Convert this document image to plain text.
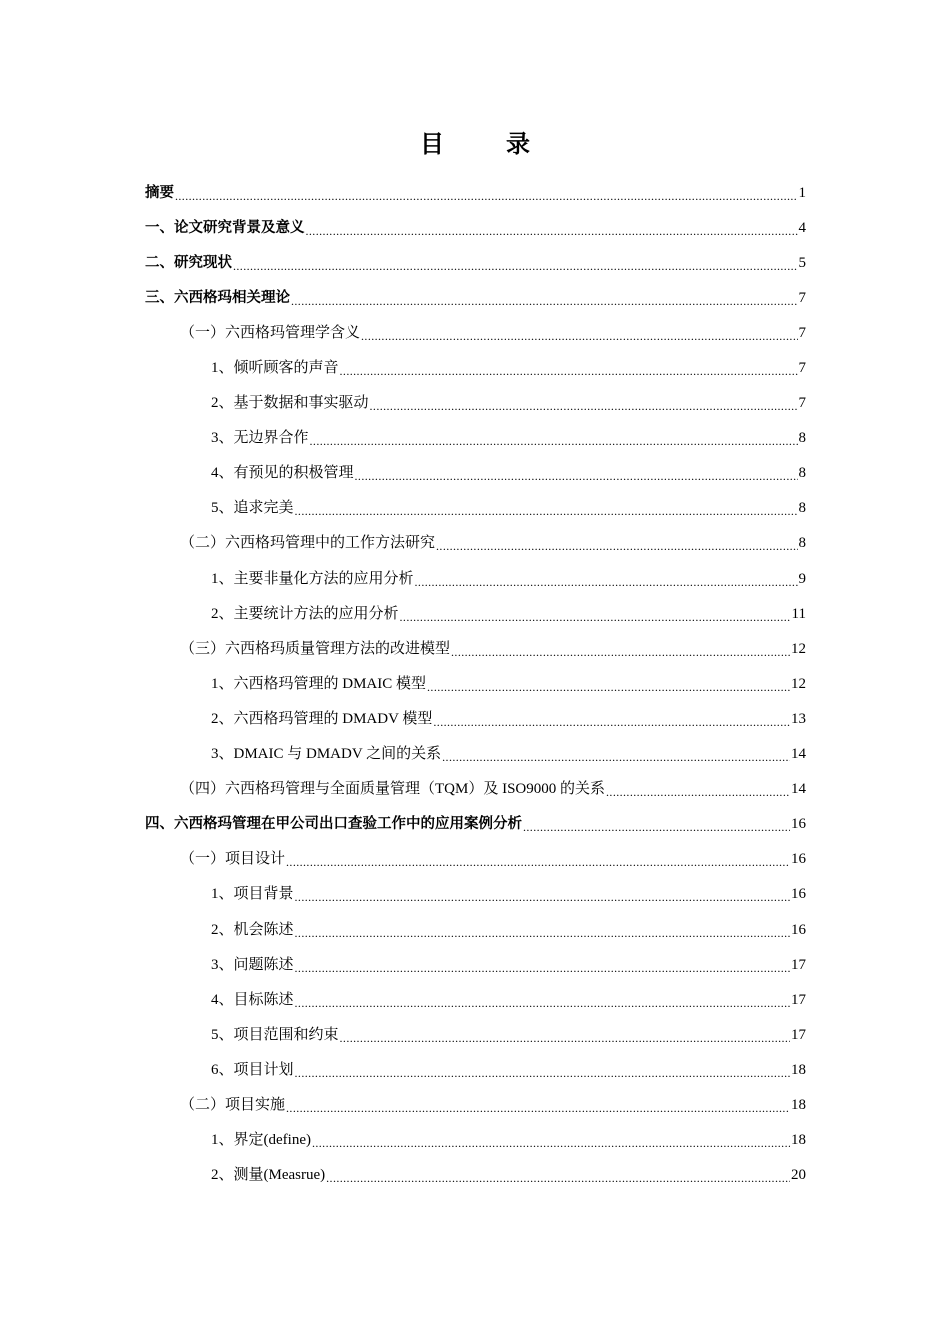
目	录
摘要 .....	1
一、论文研究背景及意义 .....	4
二、研究现状 .....	5
三、六西格玛相关理论 .....	7
（一）六西格玛管理学含义 .....	7
1、倾听顾客的声音 .....	7
2、基于数据和事实驱动 .....	7
3、无边界合作 .....	8
4、有预见的积极管理 .....	8
5、追求完美 .....	8
（二）六西格玛管理中的工作方法研究 .....	8
1、主要非量化方法的应用分析 .....	9
2、主要统计方法的应用分析 .....	11
（三）六西格玛质量管理方法的改进模型 .....	12
1、六西格玛管理的 DMAIC 模型 .....	12
2、六西格玛管理的 DMADV 模型 .....	13
3、DMAIC 与 DMADV 之间的关系 .....	14
（四）六西格玛管理与全面质量管理（TQM）及 ISO9000 的关系 .....	14
四、六西格玛管理在甲公司出口查验工作中的应用案例分析 .....	16
（一）项目设计 .....	16
1、项目背景 .....	16
2、机会陈述 .....	16
3、问题陈述 .....	17
4、目标陈述 .....	17
5、项目范围和约束 .....	17
6、项目计划 .....	18
（二）项目实施 .....	18
1、界定(define) .....	18
2、测量(Measrue) .....	20
